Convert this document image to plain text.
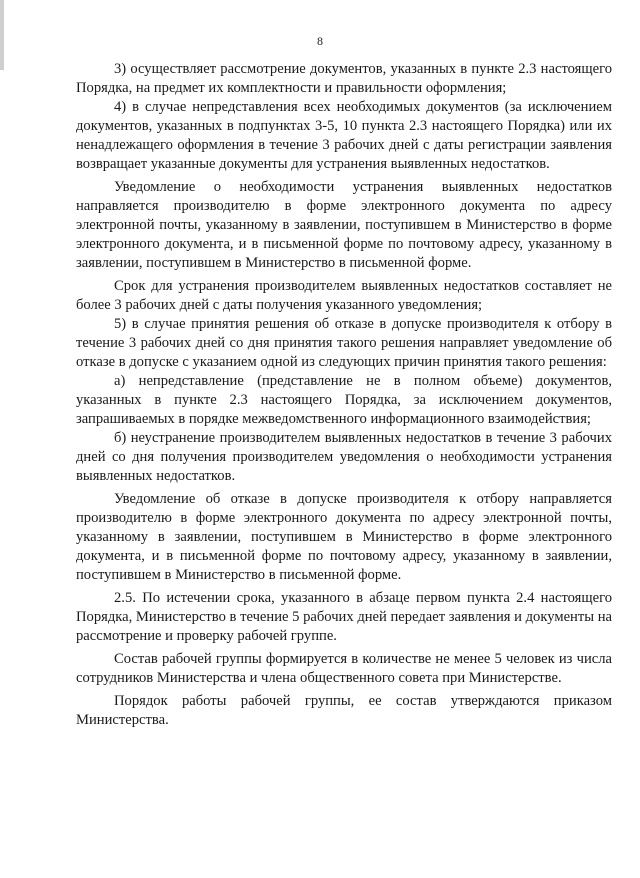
8

3) осуществляет рассмотрение документов, указанных в пункте 2.3 настоящего Порядка, на предмет их комплектности и правильности оформления;

4) в случае непредставления всех необходимых документов (за исключением документов, указанных в подпунктах 3-5, 10 пункта 2.3 настоящего Порядка) или их ненадлежащего оформления в течение 3 рабочих дней с даты регистрации заявления возвращает указанные документы для устранения выявленных недостатков.

Уведомление о необходимости устранения выявленных недостатков направляется производителю в форме электронного документа по адресу электронной почты, указанному в заявлении, поступившем в Министерство в форме электронного документа, и в письменной форме по почтовому адресу, указанному в заявлении, поступившем в Министерство в письменной форме.

Срок для устранения производителем выявленных недостатков составляет не более 3 рабочих дней с даты получения указанного уведомления;

5) в случае принятия решения об отказе в допуске производителя к отбору в течение 3 рабочих дней со дня принятия такого решения направляет уведомление об отказе в допуске с указанием одной из следующих причин принятия такого решения:

а) непредставление (представление не в полном объеме) документов, указанных в пункте 2.3 настоящего Порядка, за исключением документов, запрашиваемых в порядке межведомственного информационного взаимодействия;

б) неустранение производителем выявленных недостатков в течение 3 рабочих дней со дня получения производителем уведомления о необходимости устранения выявленных недостатков.

Уведомление об отказе в допуске производителя к отбору направляется производителю в форме электронного документа по адресу электронной почты, указанному в заявлении, поступившем в Министерство в форме электронного документа, и в письменной форме по почтовому адресу, указанному в заявлении, поступившем в Министерство в письменной форме.

2.5. По истечении срока, указанного в абзаце первом пункта 2.4 настоящего Порядка, Министерство в течение 5 рабочих дней передает заявления и документы на рассмотрение и проверку рабочей группе.

Состав рабочей группы формируется в количестве не менее 5 человек из числа сотрудников Министерства и члена общественного совета при Министерстве.

Порядок работы рабочей группы, ее состав утверждаются приказом Министерства.
